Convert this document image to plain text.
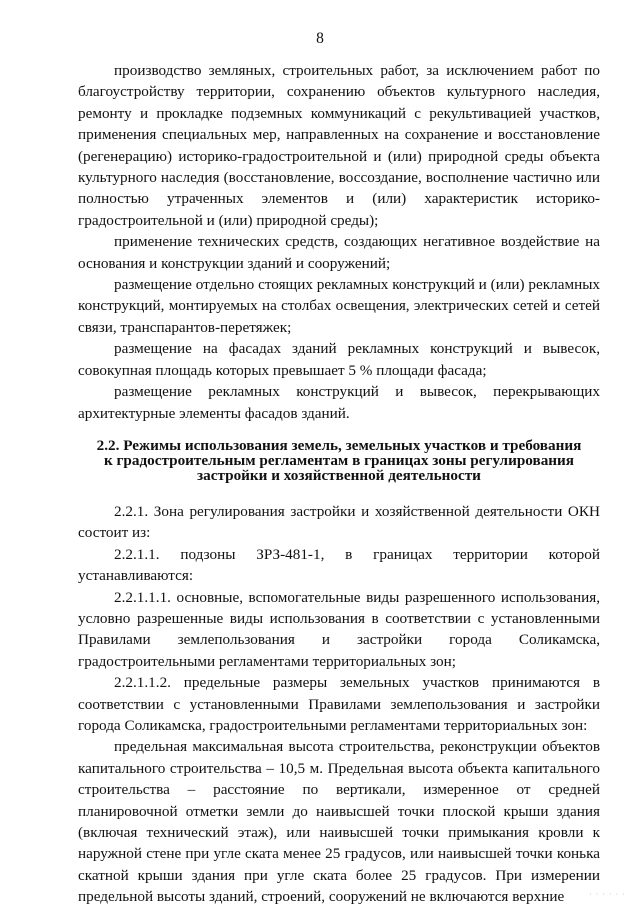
8

производство земляных, строительных работ, за исключением работ по благоустройству территории, сохранению объектов культурного наследия, ремонту и прокладке подземных коммуникаций с рекультивацией участков, применения специальных мер, направленных на сохранение и восстановление (регенерацию) историко-градостроительной и (или) природной среды объекта культурного наследия (восстановление, воссоздание, восполнение частично или полностью утраченных элементов и (или) характеристик историко-градостроительной и (или) природной среды);

применение технических средств, создающих негативное воздействие на основания и конструкции зданий и сооружений;

размещение отдельно стоящих рекламных конструкций и (или) рекламных конструкций, монтируемых на столбах освещения, электрических сетей и сетей связи, транспарантов-перетяжек;

размещение на фасадах зданий рекламных конструкций и вывесок, совокупная площадь которых превышает 5 % площади фасада;

размещение рекламных конструкций и вывесок, перекрывающих архитектурные элементы фасадов зданий.

2.2. Режимы использования земель, земельных участков и требования

к градостроительным регламентам в границах зоны регулирования

застройки и хозяйственной деятельности

2.2.1. Зона регулирования застройки и хозяйственной деятельности ОКН состоит из:

2.2.1.1. подзоны ЗРЗ-481-1, в границах территории которой устанавливаются:

2.2.1.1.1. основные, вспомогательные виды разрешенного использования, условно разрешенные виды использования в соответствии с установленными Правилами землепользования и застройки города Соликамска, градостроительными регламентами территориальных зон;

2.2.1.1.2. предельные размеры земельных участков принимаются в соответствии с установленными Правилами землепользования и застройки города Соликамска, градостроительными регламентами территориальных зон:

предельная максимальная высота строительства, реконструкции объектов капитального строительства – 10,5 м. Предельная высота объекта капитального строительства – расстояние по вертикали, измеренное от средней планировочной отметки земли до наивысшей точки плоской крыши здания (включая технический этаж), или наивысшей точки примыкания кровли к наружной стене при угле ската менее 25 градусов, или наивысшей точки конька скатной крыши здания при угле ската более 25 градусов. При измерении предельной высоты зданий, строений, сооружений не включаются верхние	· · · · · ·
